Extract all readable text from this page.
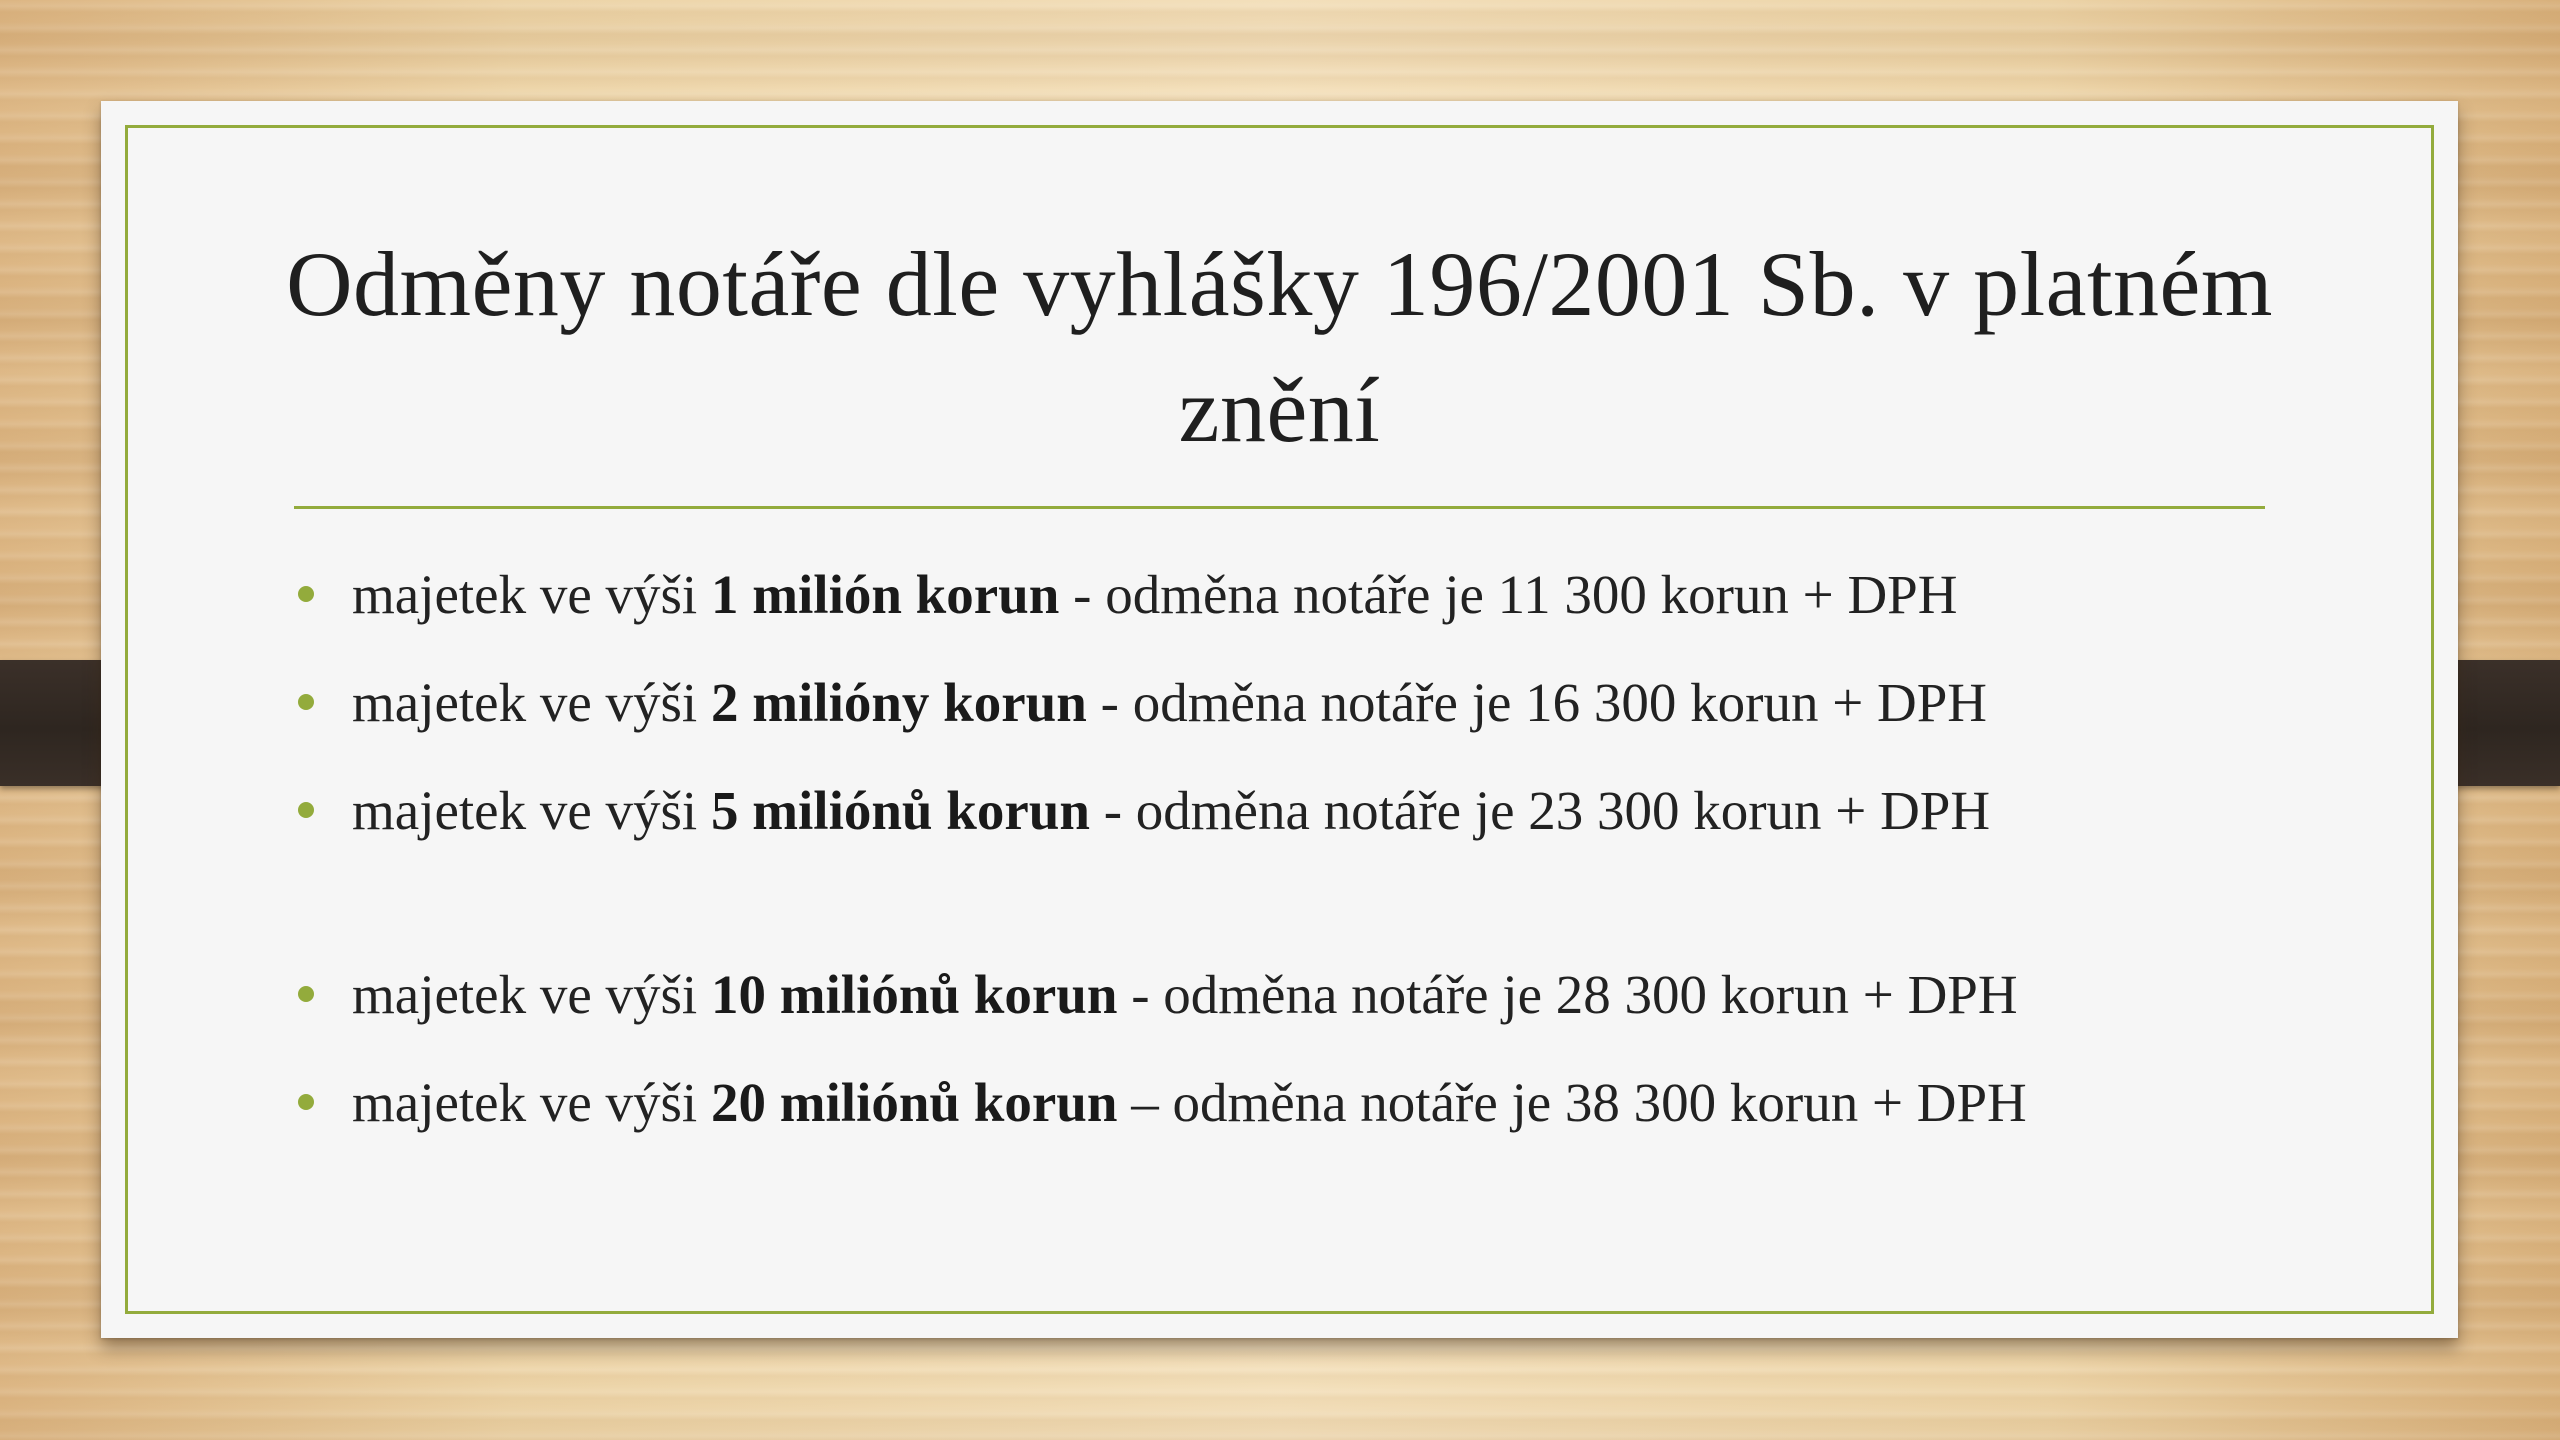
Odměny notáře dle vyhlášky 196/2001 Sb. v platném znění
majetek ve výši 1 milión korun - odměna notáře je 11 300 korun + DPH
majetek ve výši 2 milióny korun - odměna notáře je 16 300 korun + DPH
majetek ve výši 5 miliónů korun - odměna notáře je 23 300 korun + DPH
majetek ve výši 10 miliónů korun - odměna notáře je 28 300 korun + DPH
majetek ve výši 20 miliónů korun – odměna notáře je 38 300 korun + DPH
